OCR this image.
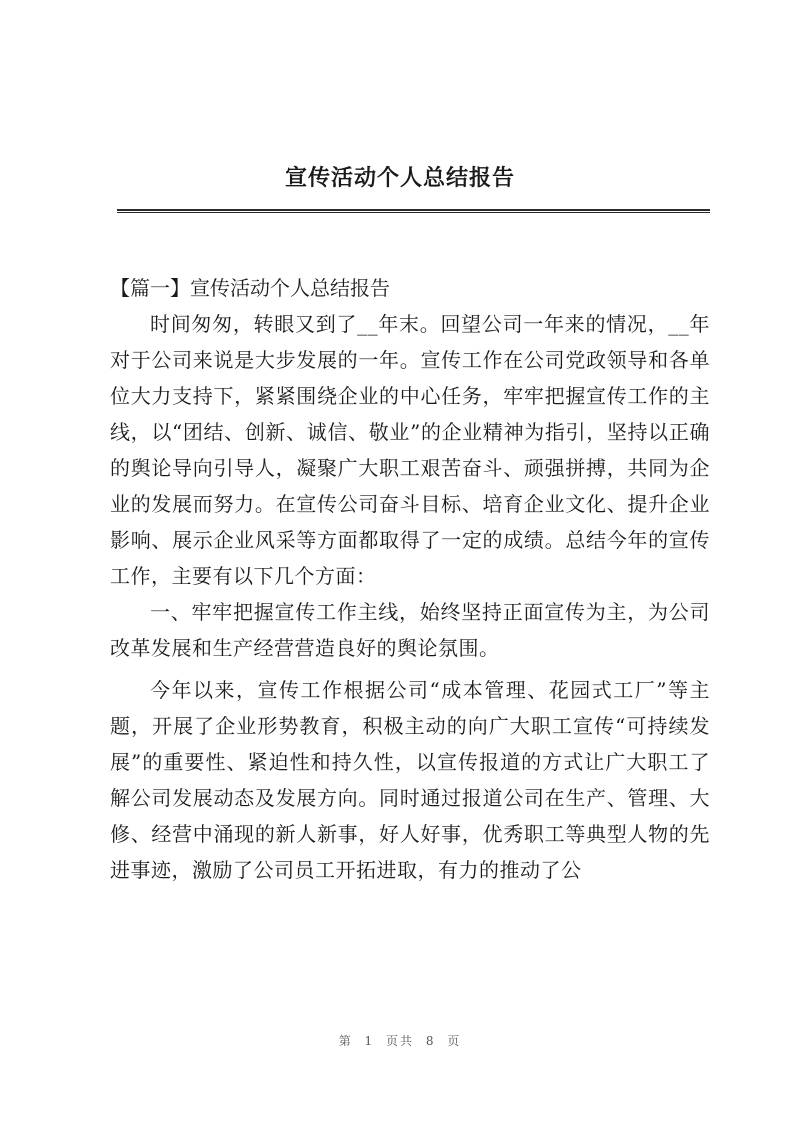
宣传活动个人总结报告
【篇一】宣传活动个人总结报告

时间匆匆，转眼又到了__年末。回望公司一年来的情况，__年对于公司来说是大步发展的一年。宣传工作在公司党政领导和各单位大力支持下，紧紧围绕企业的中心任务，牢牢把握宣传工作的主线，以“团结、创新、诚信、敬业”的企业精神为指引，坚持以正确的舆论导向引导人，凝聚广大职工艰苦奋斗、顽强拼搏，共同为企业的发展而努力。在宣传公司奋斗目标、培育企业文化、提升企业影响、展示企业风采等方面都取得了一定的成绩。总结今年的宣传工作，主要有以下几个方面：

一、牢牢把握宣传工作主线，始终坚持正面宣传为主，为公司改革发展和生产经营营造良好的舆论氛围。

今年以来，宣传工作根据公司“成本管理、花园式工厂”等主题，开展了企业形势教育，积极主动的向广大职工宣传“可持续发展”的重要性、紧迫性和持久性，以宣传报道的方式让广大职工了解公司发展动态及发展方向。同时通过报道公司在生产、管理、大修、经营中涌现的新人新事，好人好事，优秀职工等典型人物的先进事迹，激励了公司员工开拓进取，有力的推动了公

第 1 页共 8 页
